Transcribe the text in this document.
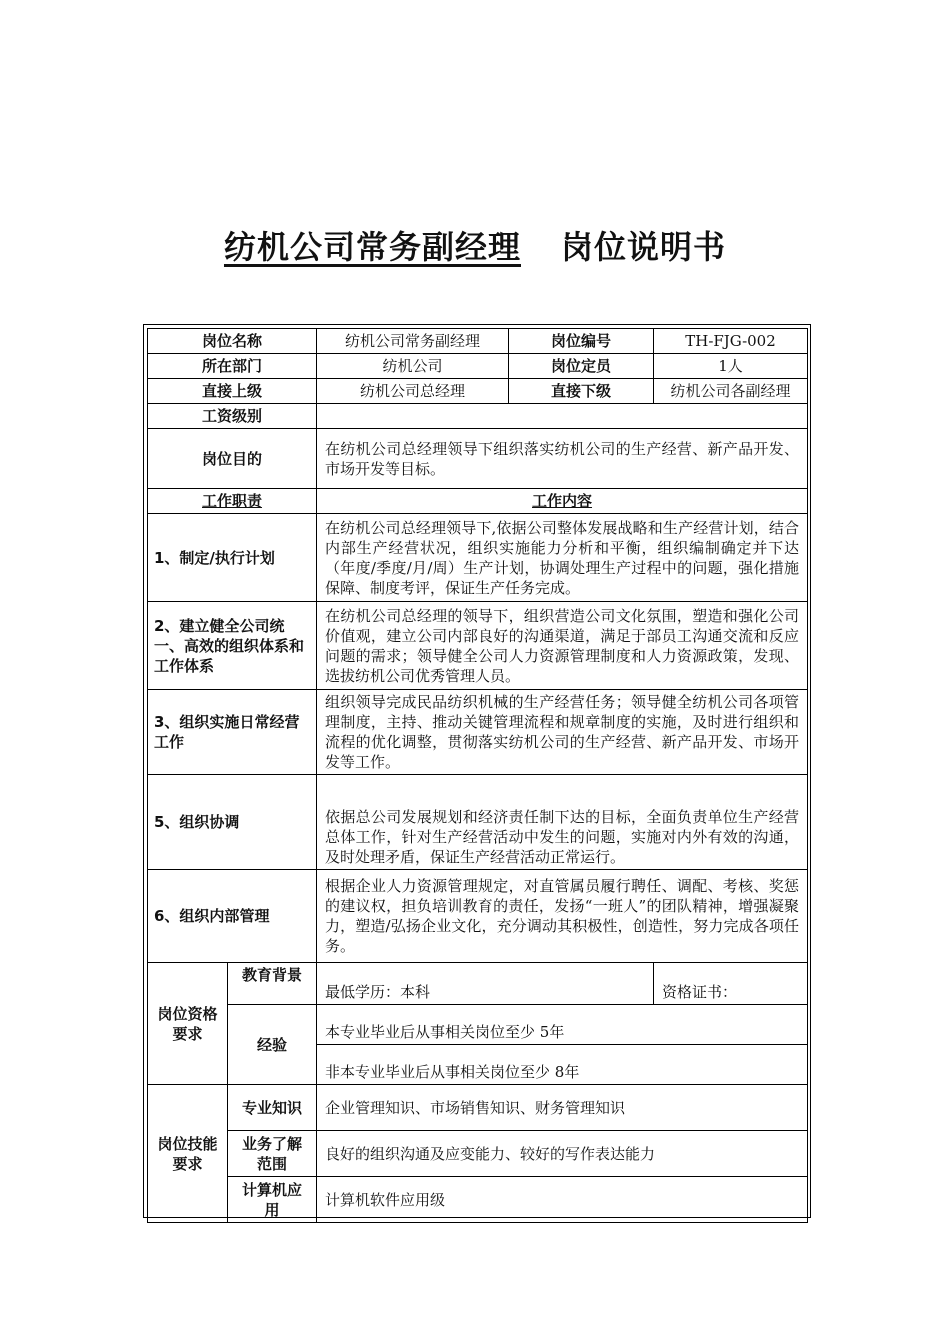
纺机公司常务副经理 岗位说明书
岗位名称		纺机公司常务副经理	岗位编号	TH-FJG-002
所在部门		纺机公司	岗位定员	1人
直接上级		纺机公司总经理	直接下级	纺机公司各副经理
工资级别				
岗位目的		在纺机公司总经理领导下组织落实纺机公司的生产经营、新产品开发、市场开发等目标。		
工作职责		工作内容		
1、制定/执行计划		在纺机公司总经理领导下,依据公司整体发展战略和生产经营计划，结合内部生产经营状况，组织实施能力分析和平衡，组织编制确定并下达（年度/季度/月/周）生产计划，协调处理生产过程中的问题，强化措施保障、制度考评，保证生产任务完成。		
2、建立健全公司统一、高效的组织体系和工作体系		在纺机公司总经理的领导下，组织营造公司文化氛围，塑造和强化公司价值观，建立公司内部良好的沟通渠道，满足于部员工沟通交流和反应问题的需求；领导健全公司人力资源管理制度和人力资源政策，发现、选拔纺机公司优秀管理人员。		
3、组织实施日常经营工作		组织领导完成民品纺织机械的生产经营任务；领导健全纺机公司各项管理制度，主持、推动关键管理流程和规章制度的实施，及时进行组织和流程的优化调整，贯彻落实纺机公司的生产经营、新产品开发、市场开发等工作。		
5、组织协调		依据总公司发展规划和经济责任制下达的目标，全面负责单位生产经营总体工作，针对生产经营活动中发生的问题，实施对内外有效的沟通，及时处理矛盾，保证生产经营活动正常运行。		
6、组织内部管理		根据企业人力资源管理规定，对直管属员履行聘任、调配、考核、奖惩的建议权，担负培训教育的责任，发扬“一班人”的团队精神，增强凝聚力，塑造/弘扬企业文化，充分调动其积极性，创造性，努力完成各项任务。		
岗位资格要求	教育背景	最低学历：本科		资格证书：
	经验	本专业毕业后从事相关岗位至少 5年		
		非本专业毕业后从事相关岗位至少 8年		
岗位技能要求	专业知识	企业管理知识、市场销售知识、财务管理知识		
	业务了解范围	良好的组织沟通及应变能力、较好的写作表达能力		
	计算机应用	计算机软件应用级		
